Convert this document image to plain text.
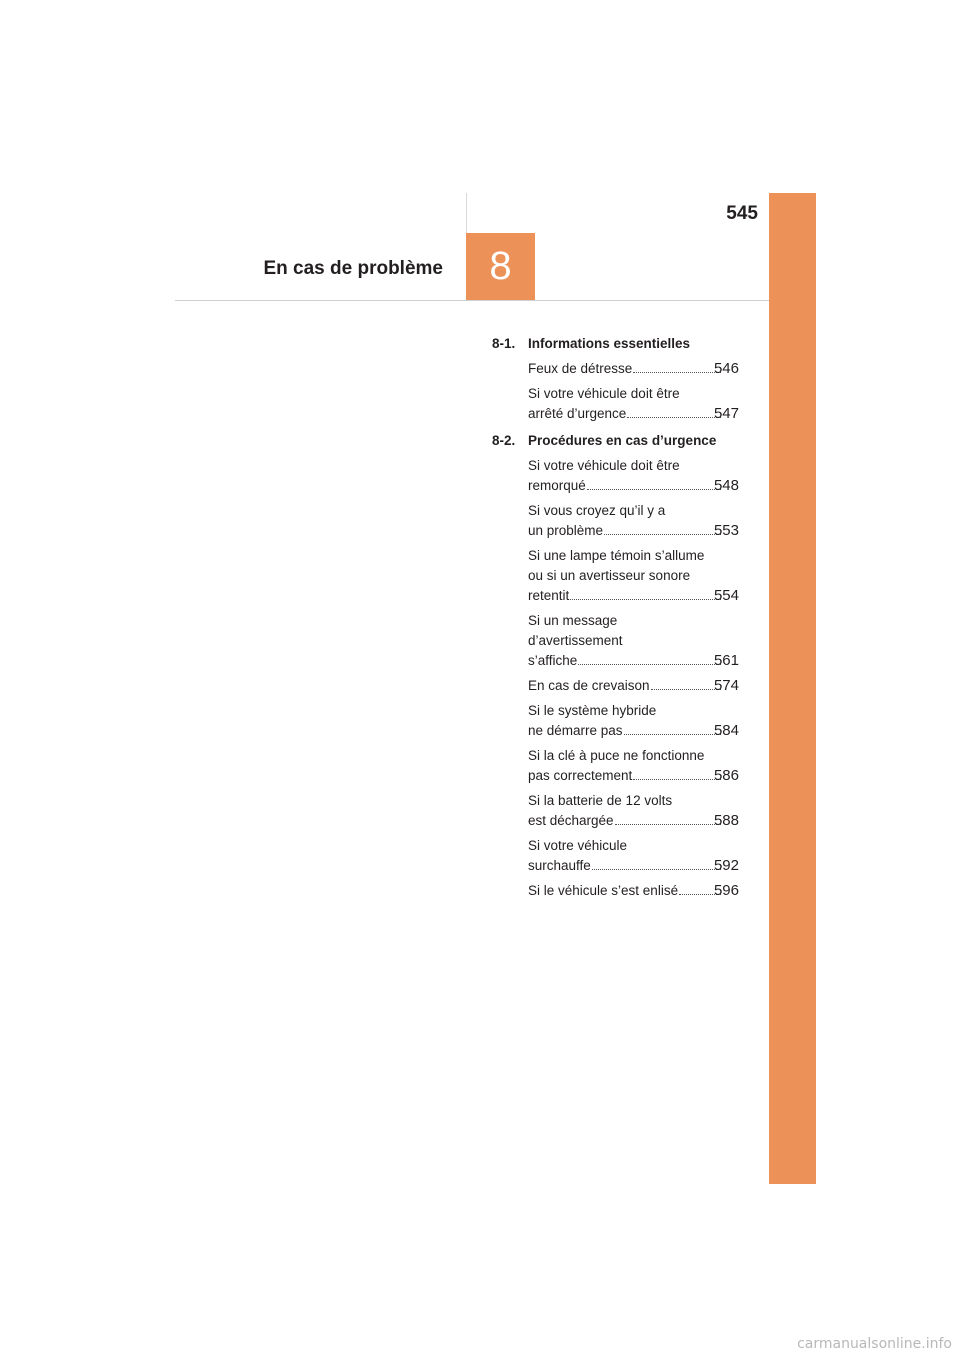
545
En cas de problème	8
8-1. Informations essentielles
Feux de détresse	546
Si votre véhicule doit être
arrêté d’urgence	547
8-2. Procédures en cas d’urgence
Si votre véhicule doit être
remorqué	548
Si vous croyez qu’il y a
un problème	553
Si une lampe témoin s’allume
ou si un avertisseur sonore
retentit	554
Si un message
d’avertissement
s’affiche	561
En cas de crevaison	574
Si le système hybride
ne démarre pas	584
Si la clé à puce ne fonctionne
pas correctement	586
Si la batterie de 12 volts
est déchargée	588
Si votre véhicule
surchauffe	592
Si le véhicule s’est enlisé 596
carmanualsonline.info
